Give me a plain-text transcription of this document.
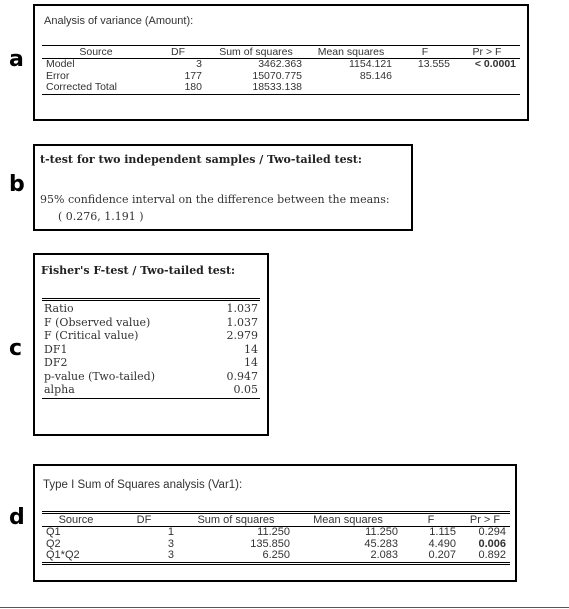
a
b
c
d
Analysis of variance (Amount):
Source	DF	Sum of squares	Mean squares	F	Pr > F
Model	3	3462.363	1154.121	13.555	< 0.0001
Error	177	15070.775	85.146		
Corrected Total	180	18533.138			
t-test for two independent samples / Two-tailed test:
95% confidence interval on the difference between the means:
( 0.276, 1.191 )
Fisher's F-test / Two-tailed test:
Ratio	1.037
F (Observed value)	1.037
F (Critical value)	2.979
DF1	14
DF2	14
p-value (Two-tailed)	0.947
alpha	0.05
Type I Sum of Squares analysis (Var1):
Source	DF	Sum of squares	Mean squares	F	Pr > F
Q1	1	11.250	11.250	1.115	0.294
Q2	3	135.850	45.283	4.490	0.006
Q1*Q2	3	6.250	2.083	0.207	0.892
